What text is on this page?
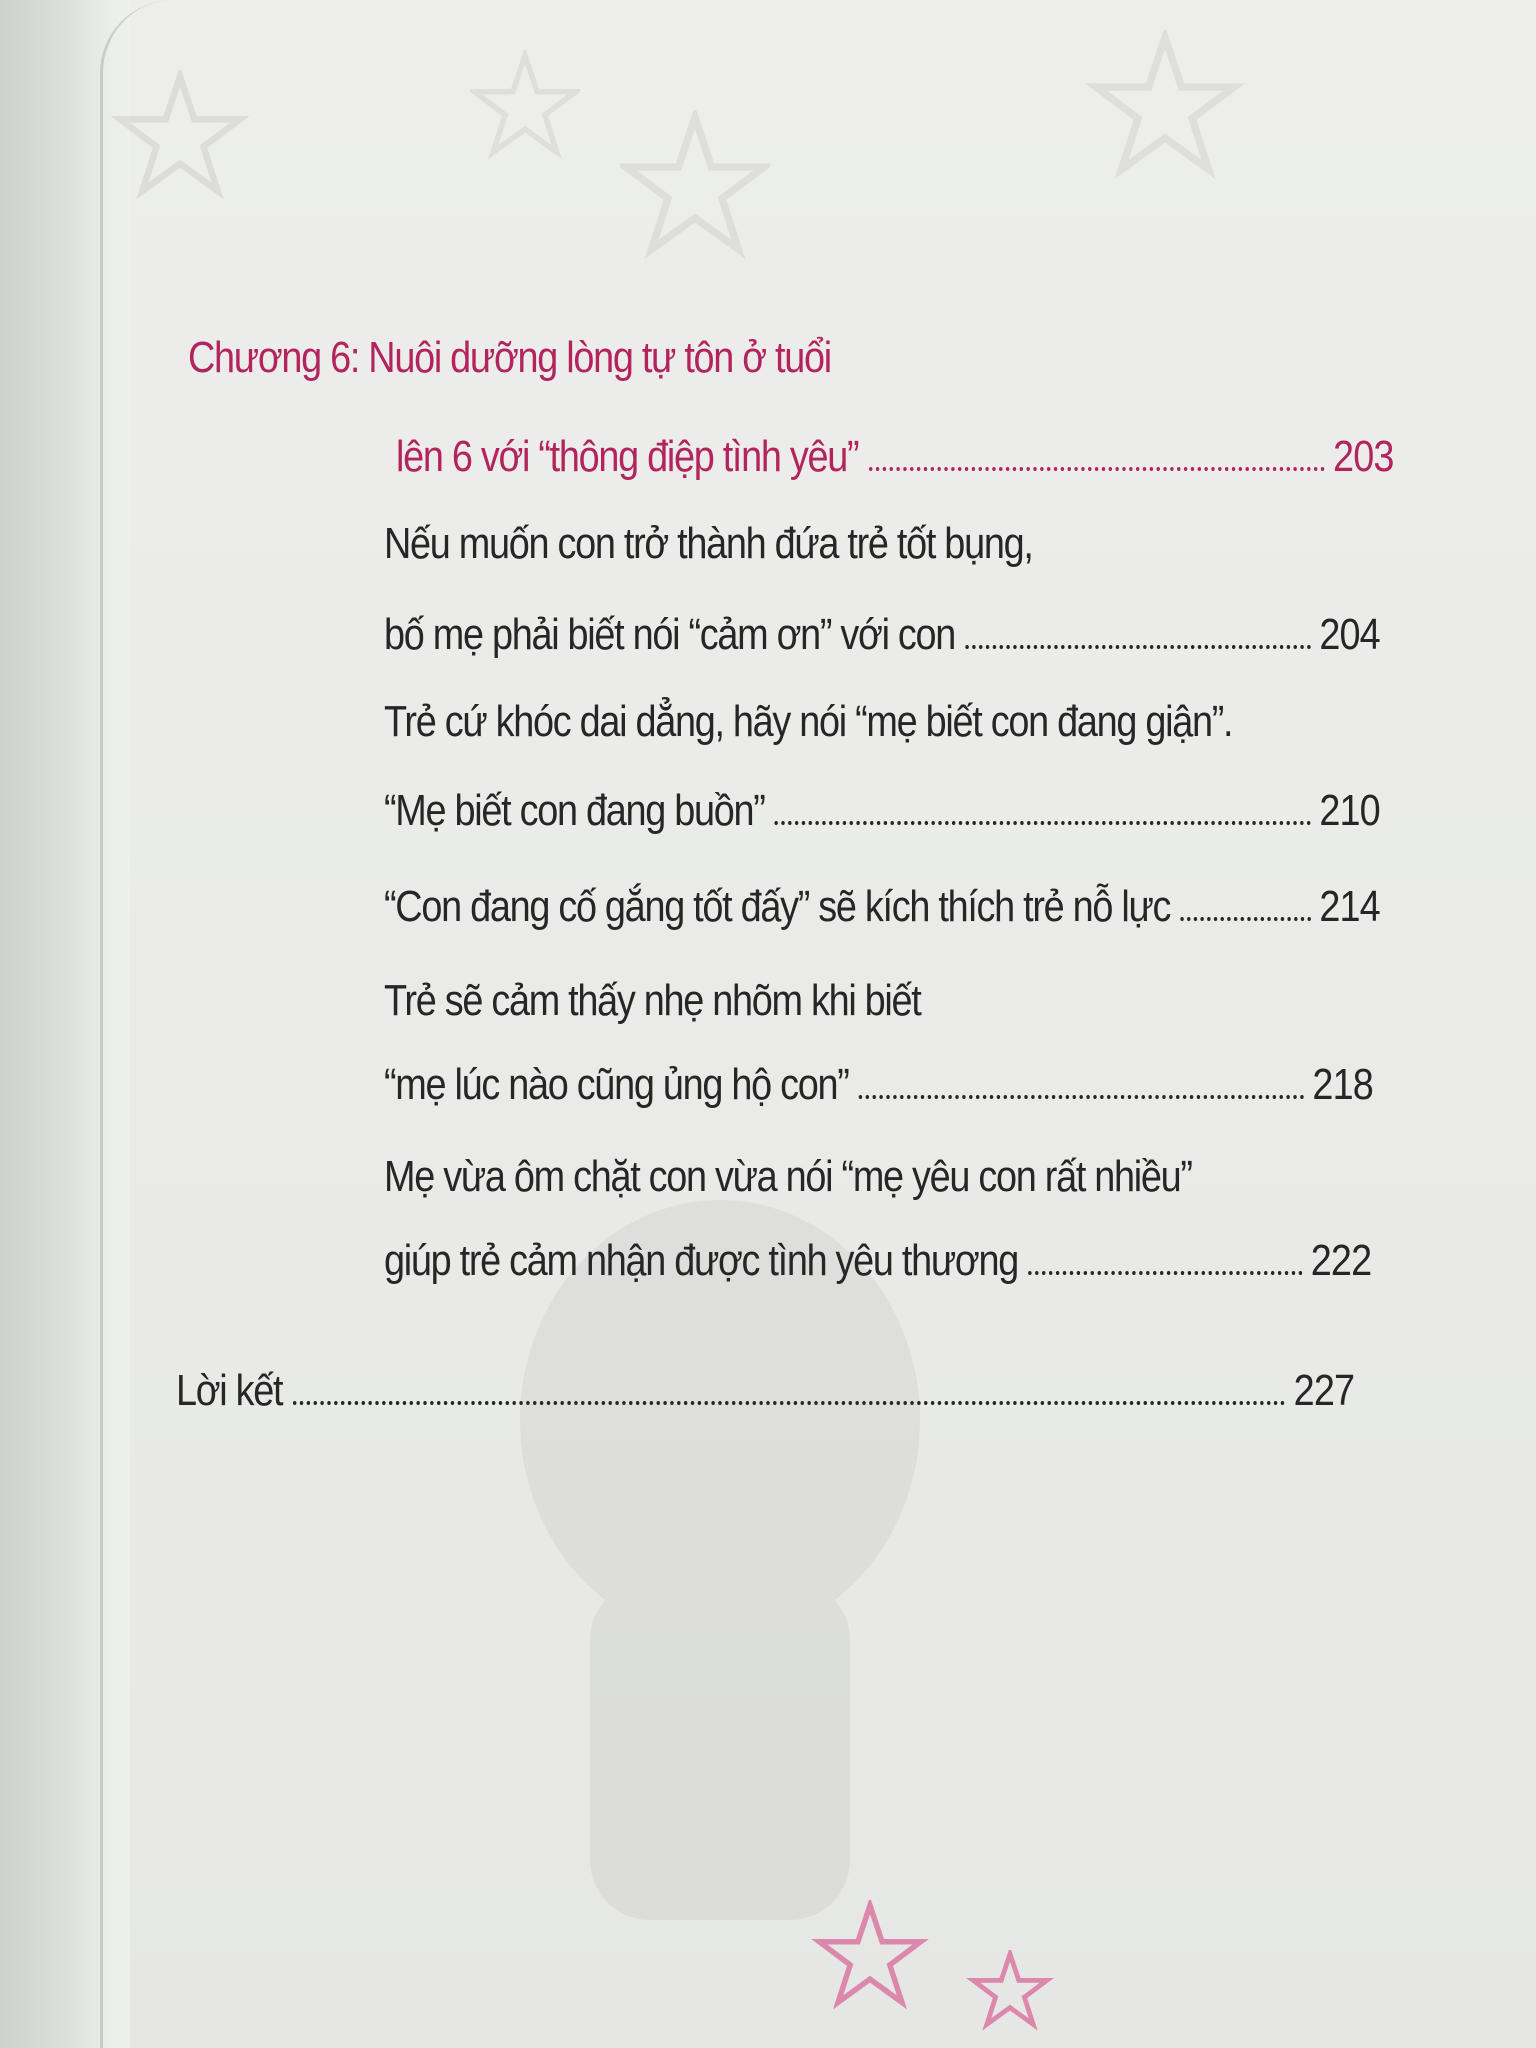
Chương 6: Nuôi dưỡng lòng tự tôn ở tuổi
lên 6 với “thông điệp tình yêu”	203
Nếu muốn con trở thành đứa trẻ tốt bụng,
bố mẹ phải biết nói “cảm ơn” với con	204
Trẻ cứ khóc dai dẳng, hãy nói “mẹ biết con đang giận”.
“Mẹ biết con đang buồn”	210
“Con đang cố gắng tốt đấy” sẽ kích thích trẻ nỗ lực	214
Trẻ sẽ cảm thấy nhẹ nhõm khi biết
“mẹ lúc nào cũng ủng hộ con”	218
Mẹ vừa ôm chặt con vừa nói “mẹ yêu con rất nhiều”
giúp trẻ cảm nhận được tình yêu thương	222
Lời kết	227
